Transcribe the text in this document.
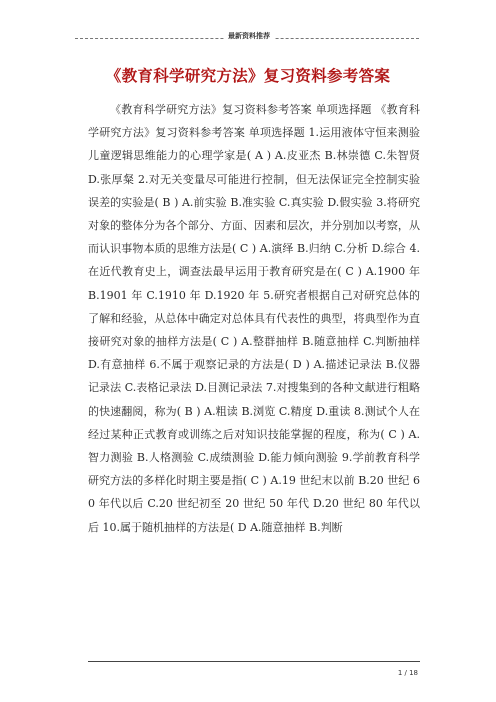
最新资料推荐
《教育科学研究方法》复习资料参考答案

《教育科学研究方法》复习资料参考答案 单项选择题 《教育科学研究方法》复习资料参考答案 单项选择题 1.运用液体守恒来测验儿童逻辑思维能力的心理学家是( A ) A.皮亚杰 B.林崇德 C.朱智贤 D.张厚粲 2.对无关变量尽可能进行控制，但无法保证完全控制实验误差的实验是( B ) A.前实验 B.准实验 C.真实验 D.假实验 3.将研究对象的整体分为各个部分、方面、因素和层次，并分别加以考察，从而认识事物本质的思维方法是( C ) A.演绎 B.归纳 C.分析 D.综合 4.在近代教育史上，调查法最早运用于教育研究是在( C ) A.1900 年 B.1901 年 C.1910 年 D.1920 年 5.研究者根据自己对研究总体的了解和经验，从总体中确定对总体具有代表性的典型，将典型作为直接研究对象的抽样方法是( C ) A.整群抽样 B.随意抽样 C.判断抽样 D.有意抽样 6.不属于观察记录的方法是( D ) A.描述记录法 B.仪器记录法 C.表格记录法 D.目测记录法 7.对搜集到的各种文献进行粗略的快速翻阅，称为( B ) A.粗读 B.浏览 C.精度 D.重读 8.测试个人在经过某种正式教育或训练之后对知识技能掌握的程度，称为( C ) A.智力测验 B.人格测验 C.成绩测验 D.能力倾向测验 9.学前教育科学研究方法的多样化时期主要是指( C ) A.19 世纪末以前 B.20 世纪 60 年代以后 C.20 世纪初至 20 世纪 50 年代 D.20 世纪 80 年代以后 10.属于随机抽样的方法是( D A.随意抽样 B.判断

1 / 18
